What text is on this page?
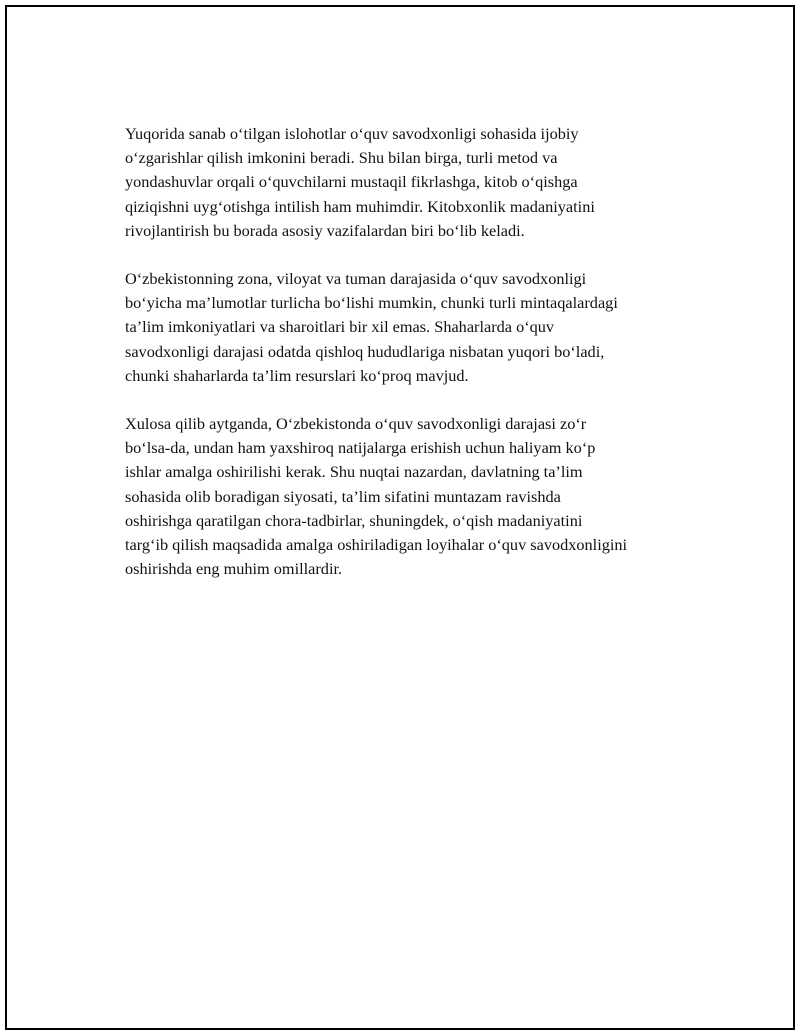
Yuqorida sanab o‘tilgan islohotlar o‘quv savodxonligi sohasida ijobiy
o‘zgarishlar qilish imkonini beradi. Shu bilan birga, turli metod va
yondashuvlar orqali o‘quvchilarni mustaqil fikrlashga, kitob o‘qishga
qiziqishni uyg‘otishga intilish ham muhimdir. Kitobxonlik madaniyatini
rivojlantirish bu borada asosiy vazifalardan biri bo‘lib keladi.

O‘zbekistonning zona, viloyat va tuman darajasida o‘quv savodxonligi
bo‘yicha ma’lumotlar turlicha bo‘lishi mumkin, chunki turli mintaqalardagi
ta’lim imkoniyatlari va sharoitlari bir xil emas. Shaharlarda o‘quv
savodxonligi darajasi odatda qishloq hududlariga nisbatan yuqori bo‘ladi,
chunki shaharlarda ta’lim resurslari ko‘proq mavjud.

Xulosa qilib aytganda, O‘zbekistonda o‘quv savodxonligi darajasi zo‘r
bo‘lsa-da, undan ham yaxshiroq natijalarga erishish uchun haliyam ko‘p
ishlar amalga oshirilishi kerak. Shu nuqtai nazardan, davlatning ta’lim
sohasida olib boradigan siyosati, ta’lim sifatini muntazam ravishda
oshirishga qaratilgan chora-tadbirlar, shuningdek, o‘qish madaniyatini
targ‘ib qilish maqsadida amalga oshiriladigan loyihalar o‘quv savodxonligini
oshirishda eng muhim omillardir.
